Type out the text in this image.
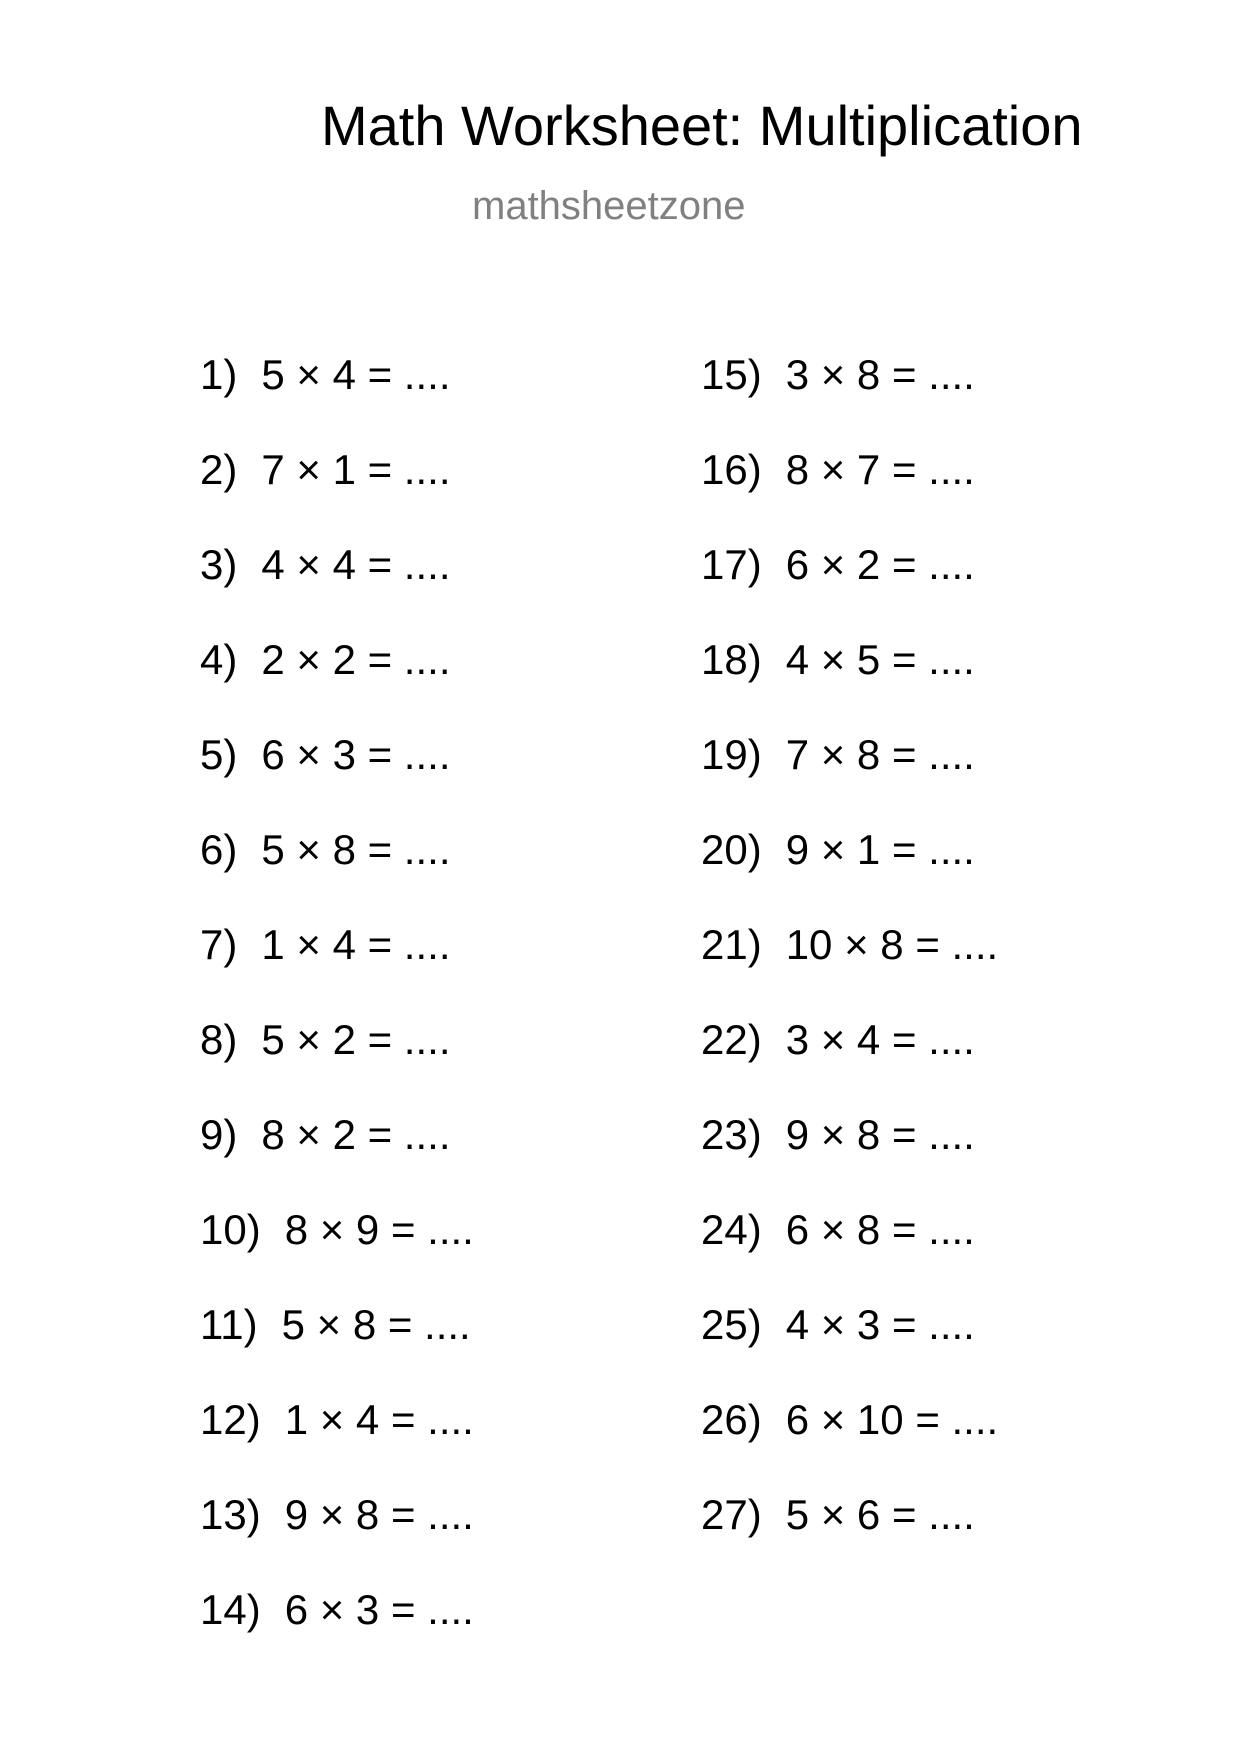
Math Worksheet: Multiplication
mathsheetzone
1) 5 × 4 = ....
2) 7 × 1 = ....
3) 4 × 4 = ....
4) 2 × 2 = ....
5) 6 × 3 = ....
6) 5 × 8 = ....
7) 1 × 4 = ....
8) 5 × 2 = ....
9) 8 × 2 = ....
10) 8 × 9 = ....
11) 5 × 8 = ....
12) 1 × 4 = ....
13) 9 × 8 = ....
14) 6 × 3 = ....
15) 3 × 8 = ....
16) 8 × 7 = ....
17) 6 × 2 = ....
18) 4 × 5 = ....
19) 7 × 8 = ....
20) 9 × 1 = ....
21) 10 × 8 = ....
22) 3 × 4 = ....
23) 9 × 8 = ....
24) 6 × 8 = ....
25) 4 × 3 = ....
26) 6 × 10 = ....
27) 5 × 6 = ....
